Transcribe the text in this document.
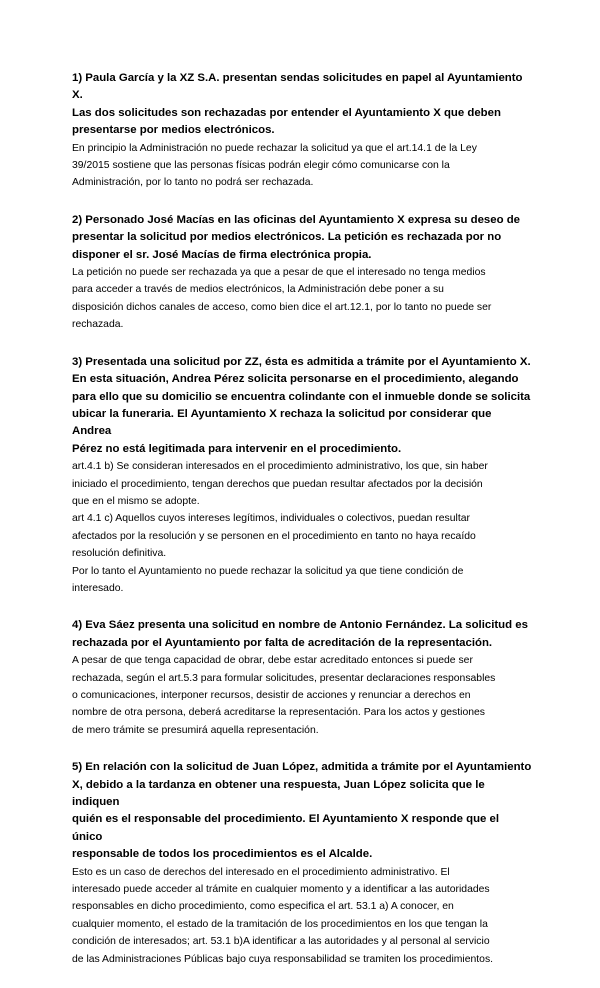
1) Paula García y la XZ S.A. presentan sendas solicitudes en papel al Ayuntamiento X.
Las dos solicitudes son rechazadas por entender el Ayuntamiento X que deben
presentarse por medios electrónicos.

En principio la Administración no puede rechazar la solicitud ya que el art.14.1 de la Ley
39/2015 sostiene que las personas físicas podrán elegir cómo comunicarse con la
Administración, por lo tanto no podrá ser rechazada.

2) Personado José Macías en las oficinas del Ayuntamiento X expresa su deseo de
presentar la solicitud por medios electrónicos. La petición es rechazada por no
disponer el sr. José Macías de firma electrónica propia.

La petición no puede ser rechazada ya que a pesar de que el interesado no tenga medios
para acceder a través de medios electrónicos, la Administración debe poner a su
disposición dichos canales de acceso, como bien dice el art.12.1, por lo tanto no puede ser
rechazada.

3) Presentada una solicitud por ZZ, ésta es admitida a trámite por el Ayuntamiento X.
En esta situación, Andrea Pérez solicita personarse en el procedimiento, alegando
para ello que su domicilio se encuentra colindante con el inmueble donde se solicita
ubicar la funeraria. El Ayuntamiento X rechaza la solicitud por considerar que Andrea
Pérez no está legitimada para intervenir en el procedimiento.

art.4.1 b) Se consideran interesados en el procedimiento administrativo, los que, sin haber
iniciado el procedimiento, tengan derechos que puedan resultar afectados por la decisión
que en el mismo se adopte.
art 4.1 c) Aquellos cuyos intereses legítimos, individuales o colectivos, puedan resultar
afectados por la resolución y se personen en el procedimiento en tanto no haya recaído
resolución definitiva.
Por lo tanto el Ayuntamiento no puede rechazar la solicitud ya que tiene condición de
interesado.

4) Eva Sáez presenta una solicitud en nombre de Antonio Fernández. La solicitud es
rechazada por el Ayuntamiento por falta de acreditación de la representación.

A pesar de que tenga capacidad de obrar, debe estar acreditado entonces si puede ser
rechazada, según el art.5.3 para formular solicitudes, presentar declaraciones responsables
o comunicaciones, interponer recursos, desistir de acciones y renunciar a derechos en
nombre de otra persona, deberá acreditarse la representación. Para los actos y gestiones
de mero trámite se presumirá aquella representación.

5) En relación con la solicitud de Juan López, admitida a trámite por el Ayuntamiento
X, debido a la tardanza en obtener una respuesta, Juan López solicita que le indiquen
quién es el responsable del procedimiento. El Ayuntamiento X responde que el único
responsable de todos los procedimientos es el Alcalde.

Esto es un caso de derechos del interesado en el procedimiento administrativo. El
interesado puede acceder al trámite en cualquier momento y a identificar a las autoridades
responsables en dicho procedimiento, como especifica el art. 53.1 a) A conocer, en
cualquier momento, el estado de la tramitación de los procedimientos en los que tengan la
condición de interesados; art. 53.1 b)A identificar a las autoridades y al personal al servicio
de las Administraciones Públicas bajo cuya responsabilidad se tramiten los procedimientos.
